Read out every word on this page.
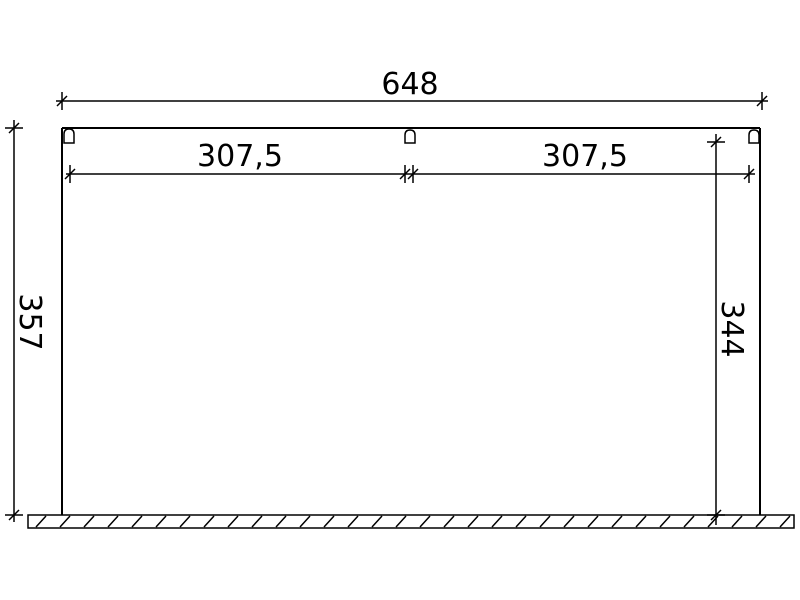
648
307,5	307,5
357	344
